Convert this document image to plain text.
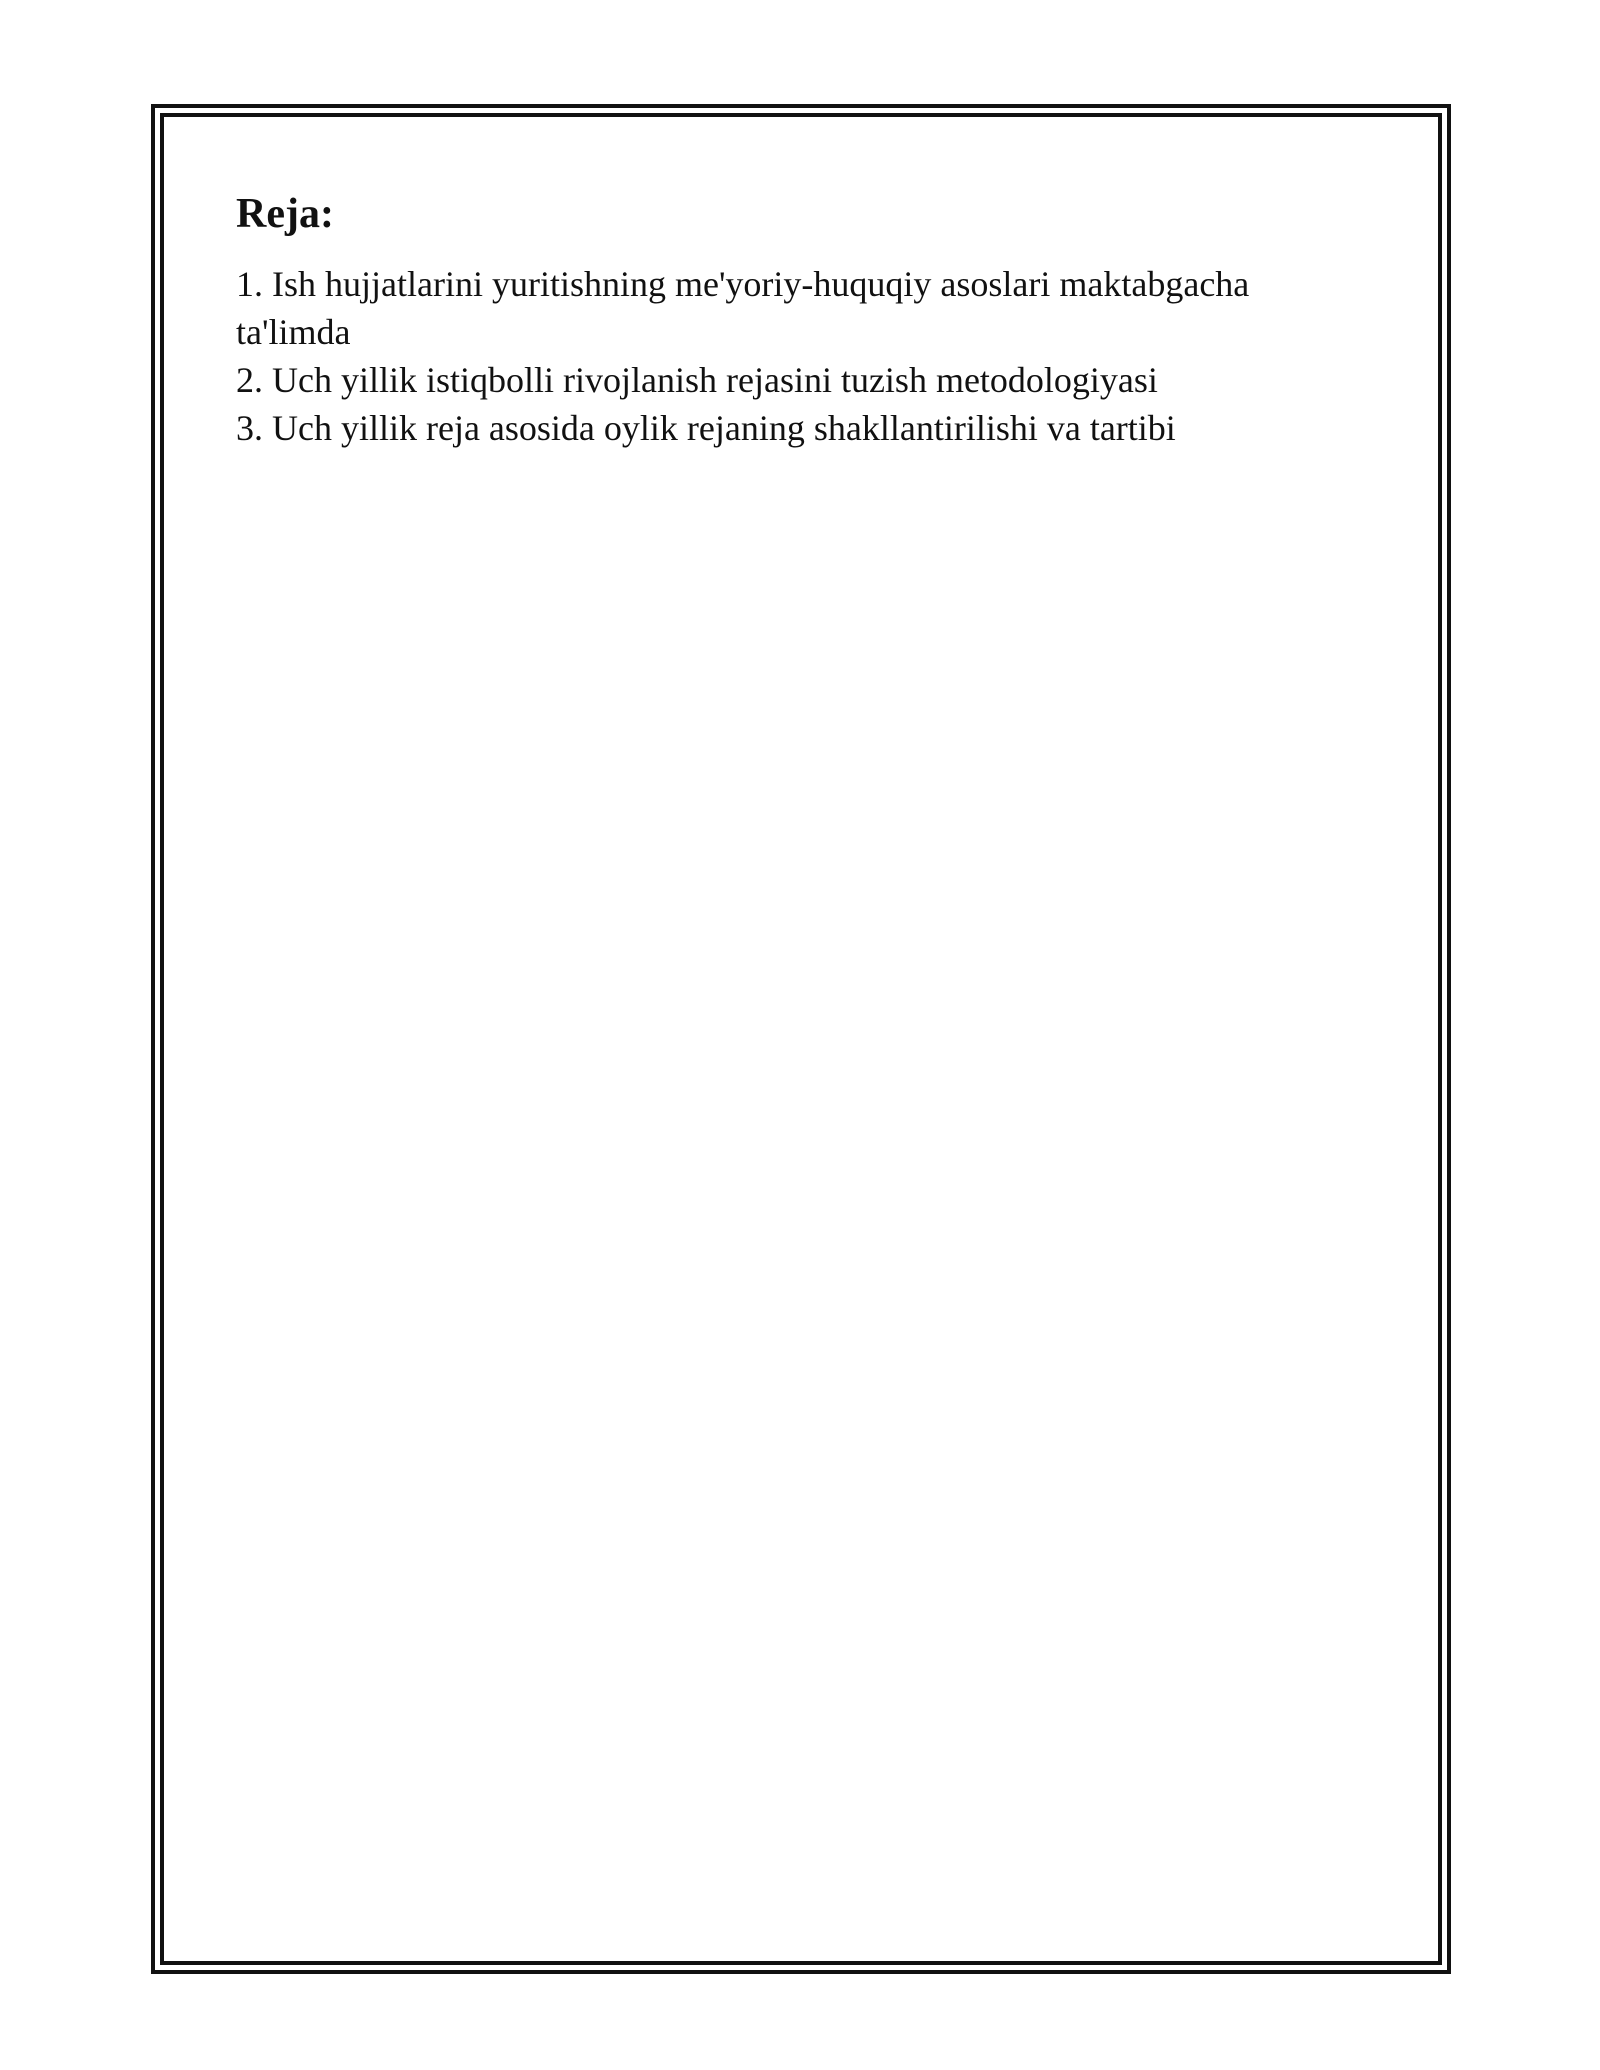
Reja:
1. Ish hujjatlarini yuritishning me'yoriy-huquqiy asoslari maktabgacha ta'limda
2. Uch yillik istiqbolli rivojlanish rejasini tuzish metodologiyasi
3. Uch yillik reja asosida oylik rejaning shakllantirilishi va tartibi
